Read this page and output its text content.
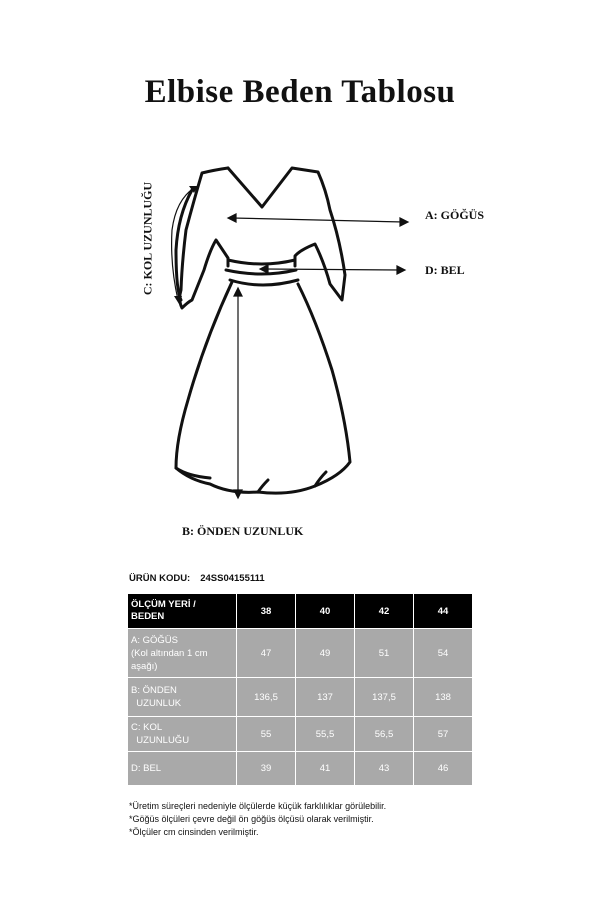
Elbise Beden Tablosu
A: GÖĞÜS
D: BEL
B: ÖNDEN UZUNLUK
C: KOL UZUNLUĞU
ÜRÜN KODU: 24SS04155111
ÖLÇÜM YERİ /
BEDEN	38	40	42	44
A: GÖĞÜS
(Kol altından 1 cm
aşağı)	47	49	51	54
B: ÖNDEN
UZUNLUK	136,5	137	137,5	138
C: KOL
UZUNLUĞU	55	55,5	56,5	57
D: BEL	39	41	43	46
*Üretim süreçleri nedeniyle ölçülerde küçük farklılıklar görülebilir.
*Göğüs ölçüleri çevre değil ön göğüs ölçüsü olarak verilmiştir.
*Ölçüler cm cinsinden verilmiştir.
